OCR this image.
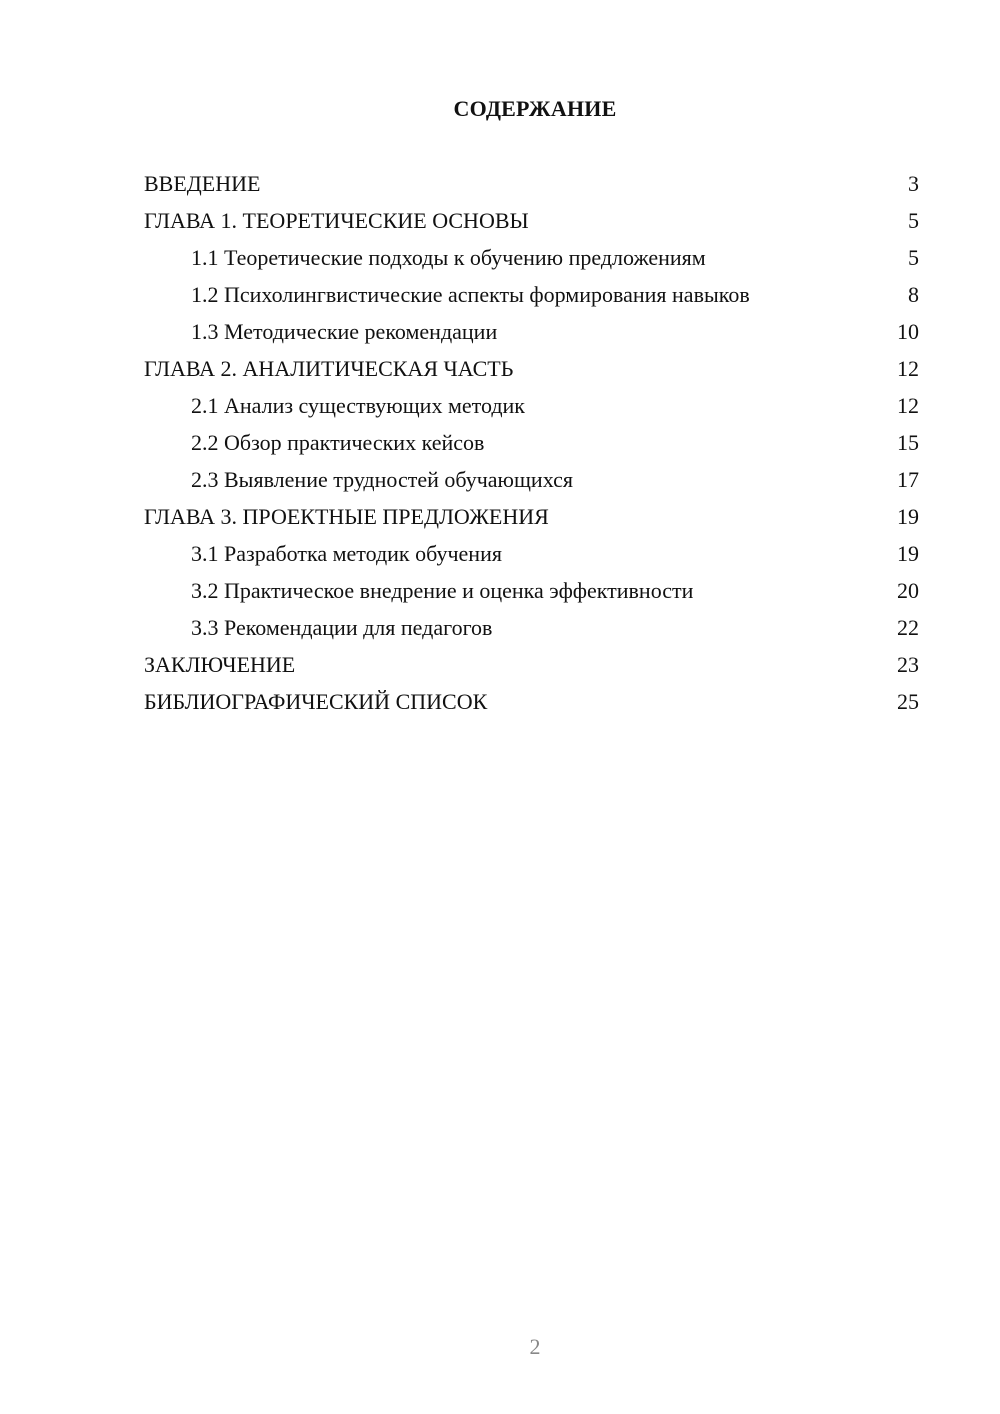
СОДЕРЖАНИЕ
ВВЕДЕНИЕ	3
ГЛАВА 1. ТЕОРЕТИЧЕСКИЕ ОСНОВЫ	5
1.1 Теоретические подходы к обучению предложениям	5
1.2 Психолингвистические аспекты формирования навыков	8
1.3 Методические рекомендации	10
ГЛАВА 2. АНАЛИТИЧЕСКАЯ ЧАСТЬ	12
2.1 Анализ существующих методик	12
2.2 Обзор практических кейсов	15
2.3 Выявление трудностей обучающихся	17
ГЛАВА 3. ПРОЕКТНЫЕ ПРЕДЛОЖЕНИЯ	19
3.1 Разработка методик обучения	19
3.2 Практическое внедрение и оценка эффективности	20
3.3 Рекомендации для педагогов	22
ЗАКЛЮЧЕНИЕ	23
БИБЛИОГРАФИЧЕСКИЙ СПИСОК	25
2
